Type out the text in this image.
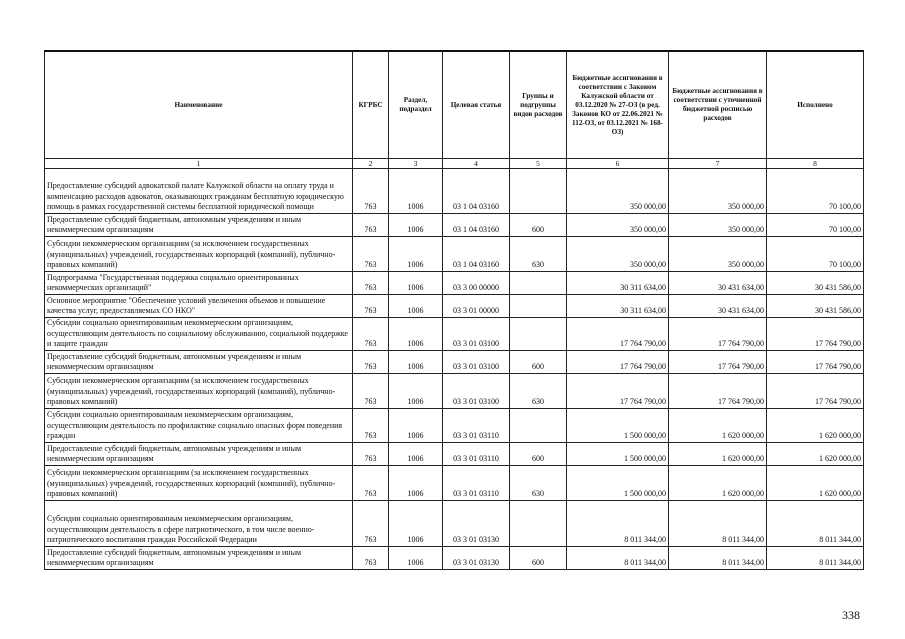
Наименование	КГРБС	Раздел, подраздел	Целевая статья	Группы и подгруппы видов расходов	Бюджетные ассигнования в соответствии с Законом Калужской области от 03.12.2020 № 27-ОЗ (в ред. Законов КО от 22.06.2021 № 112-ОЗ, от 03.12.2021 № 168-ОЗ)	Бюджетные ассигнования в соответствии с уточненной бюджетной росписью расходов	Исполнено
1	2	3	4	5	6	7	8
Предоставление субсидий адвокатской палате Калужской области на оплату труда и компенсацию расходов адвокатов, оказывающих гражданам бесплатную юридическую помощь в рамках государственной системы бесплатной юридической помощи	763	1006	03 1 04 03160		350 000,00	350 000,00	70 100,00
Предоставление субсидий бюджетным, автономным учреждениям и иным некоммерческим организациям	763	1006	03 1 04 03160	600	350 000,00	350 000,00	70 100,00
Субсидии некоммерческим организациям (за исключением государственных (муниципальных) учреждений, государственных корпораций (компаний), публично-правовых компаний)	763	1006	03 1 04 03160	630	350 000,00	350 000,00	70 100,00
Подпрограмма "Государственная поддержка социально ориентированных некоммерческих организаций"	763	1006	03 3 00 00000		30 311 634,00	30 431 634,00	30 431 586,00
Основное мероприятие "Обеспечение условий увеличения объемов и повышение качества услуг, предоставляемых СО НКО"	763	1006	03 3 01 00000		30 311 634,00	30 431 634,00	30 431 586,00
Субсидии социально ориентированным некоммерческим организациям, осуществляющим деятельность по социальному обслуживанию, социальной поддержке и защите граждан	763	1006	03 3 01 03100		17 764 790,00	17 764 790,00	17 764 790,00
Предоставление субсидий бюджетным, автономным учреждениям и иным некоммерческим организациям	763	1006	03 3 01 03100	600	17 764 790,00	17 764 790,00	17 764 790,00
Субсидии некоммерческим организациям (за исключением государственных (муниципальных) учреждений, государственных корпораций (компаний), публично-правовых компаний)	763	1006	03 3 01 03100	630	17 764 790,00	17 764 790,00	17 764 790,00
Субсидии социально ориентированным некоммерческим организациям, осуществляющим деятельность по профилактике социально опасных форм поведения граждан	763	1006	03 3 01 03110		1 500 000,00	1 620 000,00	1 620 000,00
Предоставление субсидий бюджетным, автономным учреждениям и иным некоммерческим организациям	763	1006	03 3 01 03110	600	1 500 000,00	1 620 000,00	1 620 000,00
Субсидии некоммерческим организациям (за исключением государственных (муниципальных) учреждений, государственных корпораций (компаний), публично-правовых компаний)	763	1006	03 3 01 03110	630	1 500 000,00	1 620 000,00	1 620 000,00
Субсидии социально ориентированным некоммерческим организациям, осуществляющим деятельность в сфере патриотического, в том числе военно-патриотического воспитания граждан Российской Федерации	763	1006	03 3 01 03130		8 011 344,00	8 011 344,00	8 011 344,00
Предоставление субсидий бюджетным, автономным учреждениям и иным некоммерческим организациям	763	1006	03 3 01 03130	600	8 011 344,00	8 011 344,00	8 011 344,00
338
